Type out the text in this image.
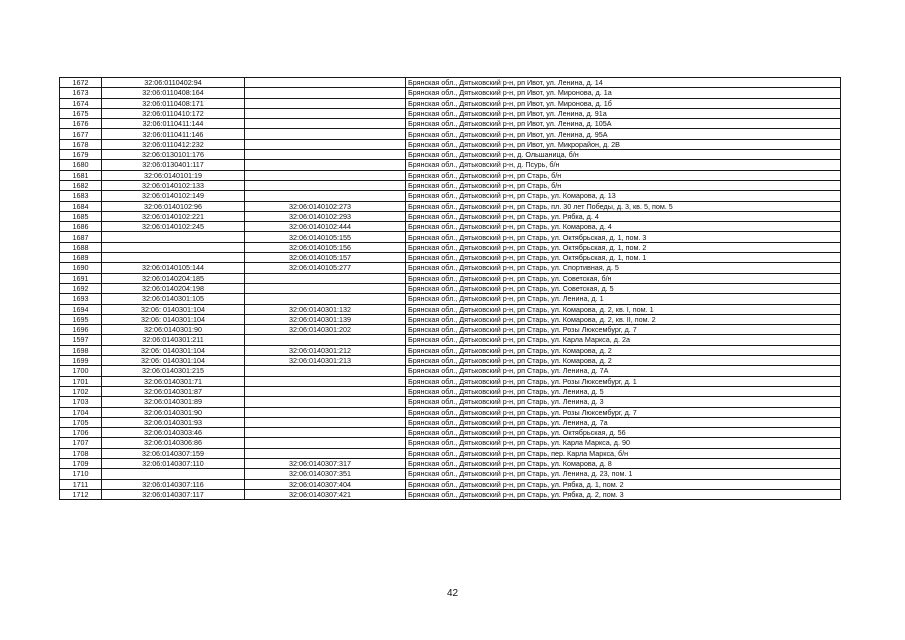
1672	32:06:0110402:94		Брянская обл., Дятьковский р-н, рп Ивот, ул. Ленина, д. 14
1673	32:06:0110408:164		Брянская обл., Дятьковский р-н, рп Ивот, ул. Миронова, д. 1а
1674	32:06:0110408:171		Брянская обл., Дятьковский р-н, рп Ивот, ул. Миронова, д. 1б
1675	32:06:0110410:172		Брянская обл., Дятьковский р-н, рп Ивот, ул. Ленина, д. 91а
1676	32:06:0110411:144		Брянская обл., Дятьковский р-н, рп Ивот, ул. Ленина, д. 105А
1677	32:06:0110411:146		Брянская обл., Дятьковский р-н, рп Ивот, ул. Ленина, д. 95А
1678	32:06:0110412:232		Брянская обл., Дятьковский р-н, рп Ивот, ул. Микрорайон, д. 2В
1679	32:06:0130101:176		Брянская обл., Дятьковский р-н, д. Ольшаница, б/н
1680	32:06:0130401:117		Брянская обл., Дятьковский р-н, д. Псурь, б/н
1681	32:06:0140101:19		Брянская обл., Дятьковский р-н, рп Старь, б/н
1682	32:06:0140102:133		Брянская обл., Дятьковский р-н, рп Старь, б/н
1683	32:06:0140102:149		Брянская обл., Дятьковский р-н, рп Старь, ул. Комарова, д. 13
1684	32:06:0140102:96	32:06:0140102:273	Брянская обл., Дятьковский р-н, рп Старь, пл. 30 лет Победы, д. 3, кв. 5, пом. 5
1685	32:06:0140102:221	32:06:0140102:293	Брянская обл., Дятьковский р-н, рп Старь, ул. Рябка, д. 4
1686	32:06:0140102:245	32:06:0140102:444	Брянская обл., Дятьковский р-н, рп Старь, ул. Комарова, д. 4
1687		32:06:0140105:155	Брянская обл., Дятьковский р-н, рп Старь, ул. Октябрьская, д. 1, пом. 3
1688		32:06:0140105:156	Брянская обл., Дятьковский р-н, рп Старь, ул. Октябрьская, д. 1, пом. 2
1689		32:06:0140105:157	Брянская обл., Дятьковский р-н, рп Старь, ул. Октябрьская, д. 1, пом. 1
1690	32:06:0140105:144	32:06:0140105:277	Брянская обл., Дятьковский р-н, рп Старь, ул. Спортивная, д. 5
1691	32:06:0140204:185		Брянская обл., Дятьковский р-н, рп Старь, ул. Советская, б/н
1692	32:06:0140204:198		Брянская обл., Дятьковский р-н, рп Старь, ул. Советская, д. 5
1693	32:06:0140301:105		Брянская обл., Дятьковский р-н, рп Старь, ул. Ленина, д. 1
1694	32:06: 0140301:104	32:06:0140301:132	Брянская обл., Дятьковский р-н, рп Старь, ул. Комарова, д. 2, кв. I, пом. 1
1695	32:06: 0140301:104	32:06:0140301:139	Брянская обл., Дятьковский р-н, рп Старь, ул. Комарова, д. 2, кв. II, пом. 2
1696	32:06:0140301:90	32:06:0140301:202	Брянская обл., Дятьковский р-н, рп Старь, ул. Розы Люксембург, д. 7
1597	32:06:0140301:211		Брянская обл., Дятьковский р-н, рп Старь, ул. Карла Маркса, д. 2а
1698	32:06: 0140301:104	32:06:0140301:212	Брянская обл., Дятьковский р-н, рп Старь, ул. Комарова, д. 2
1699	32:06: 0140301:104	32:06:0140301:213	Брянская обл., Дятьковский р-н, рп Старь, ул. Комарова, д. 2
1700	32:06:0140301:215		Брянская обл., Дятьковский р-н, рп Старь, ул. Ленина, д. 7А
1701	32:06:0140301:71		Брянская обл., Дятьковский р-н, рп Старь, ул. Розы Люксембург, д. 1
1702	32:06:0140301:87		Брянская обл., Дятьковский р-н, рп Старь, ул. Ленина, д. 5
1703	32:06:0140301:89		Брянская обл., Дятьковский р-н, рп Старь, ул. Ленина, д. 3
1704	32:06:0140301:90		Брянская обл., Дятьковский р-н, рп Старь, ул. Розы Люксембург, д. 7
1705	32:06:0140301:93		Брянская обл., Дятьковский р-н, рп Старь, ул. Ленина, д. 7а
1706	32:06:0140303:46		Брянская обл., Дятьковский р-н, рп Старь, ул. Октябрьская, д. 56
1707	32:06:0140306:86		Брянская обл., Дятьковский р-н, рп Старь, ул. Карла Маркса, д. 90
1708	32:06:0140307:159		Брянская обл., Дятьковский р-н, рп Старь, пер. Карла Маркса, б/н
1709	32:06:0140307:110	32:06:0140307:317	Брянская обл., Дятьковский р-н, рп Старь, ул. Комарова, д. 8
1710		32:06:0140307:351	Брянская обл., Дятьковский р-н, рп Старь, ул. Ленина, д. 23, пом. 1
1711	32:06:0140307:116	32:06:0140307:404	Брянская обл., Дятьковский р-н, рп Старь, ул. Рябка, д. 1, пом. 2
1712	32:06:0140307:117	32:06:0140307:421	Брянская обл., Дятьковский р-н, рп Старь, ул. Рябка, д. 2, пом. 3
42
